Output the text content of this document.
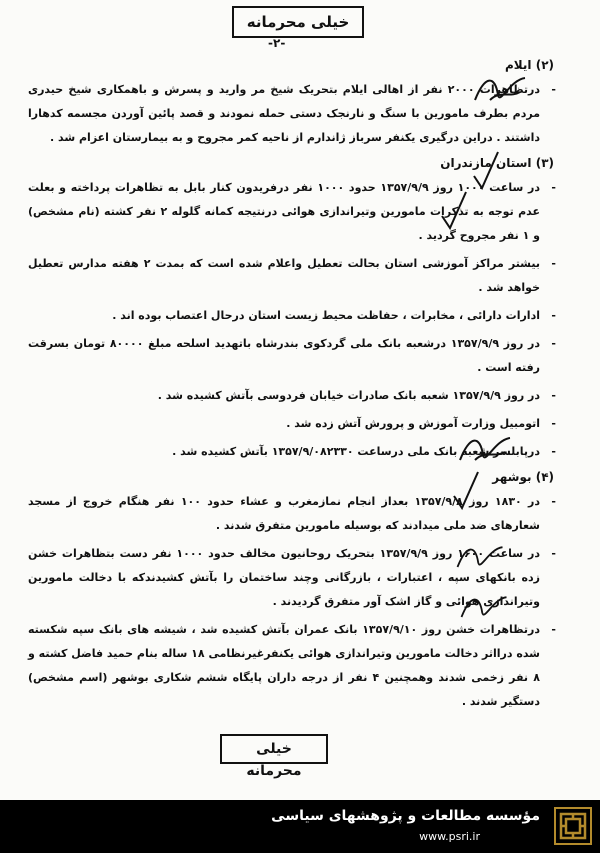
خیلی محرمانه
-۲-
(۲) ایلام
-
درتظاهرات ۲۰۰۰ نفر از اهالی ایلام بتحریک شیخ مر وارید و پسرش و باهمکاری شیخ حیدری مردم بطرف مامورین با سنگ و نارنجک دستی حمله نمودند و قصد پائین آوردن مجسمه کدهارا داشتند . دراین درگیری یکنفر سرباز ژاندارم از ناحیه کمر مجروح و به بیمارستان اعزام شد .
(۳) استان مازندران
-
در ساعت ۱۰۰۰ روز ۱۳۵۷/۹/۹ حدود ۱۰۰۰ نفر درفریدون کنار بابل به تظاهرات پرداخته و بعلت عدم توجه به تذکرات مامورین وتیراندازی هوائی درنتیجه کمانه گلوله ۲ نفر کشته (نام مشخص) و ۱ نفر مجروح گردید .
-
بیشتر مراکز آموزشی استان بحالت تعطیل واعلام شده است که بمدت ۲ هفته مدارس تعطیل خواهد شد .
-
ادارات دارائی ، مخابرات ، حفاظت محیط زیست استان درحال اعتصاب بوده اند .
-
در روز ۱۳۵۷/۹/۹ درشعبه بانک ملی گردکوی بندرشاه باتهدید اسلحه مبلغ ۸۰۰۰۰ تومان بسرقت رفته است .
-
در روز ۱۳۵۷/۹/۹ شعبه بانک صادرات خیابان فردوسی بآتش کشیده شد .
-
اتومبیل وزارت آموزش و پرورش آتش زده شد .
-
درپابلسر شعبه بانک ملی درساعت ۱۳۵۷/۹/۰۸۲۳۳۰ بآتش کشیده شد .
(۴) بوشهر
-
در ۱۸۳۰ روز ۱۳۵۷/۹/۸ بعداز انجام نمازمغرب و عشاء حدود ۱۰۰ نفر هنگام خروج از مسجد شعارهای ضد ملی میدادند که بوسیله مامورین متفرق شدند .
-
در ساعت ۱۶۰۰ روز ۱۳۵۷/۹/۹ بتحریک روحانیون مخالف حدود ۱۰۰۰ نفر دست بتظاهرات خشن زده بانکهای سپه ، اعتبارات ، بازرگانی وچند ساختمان را بآتش کشیدندکه با دخالت مامورین وتیراندازی هوائی و گاز اشک آور متفرق گردیدند .
-
درتظاهرات خشن روز ۱۳۵۷/۹/۱۰ بانک عمران بآتش کشیده شد ، شیشه های بانک سپه شکسته شده درااثر دخالت مامورین وتیراندازی هوائی یکنفرغیرنظامی ۱۸ ساله بنام حمید فاضل کشته و ۸ نفر زخمی شدند وهمچنین ۴ نفر از درجه داران پایگاه ششم شکاری بوشهر (اسم مشخص) دستگیر شدند .
خیلی محرمانه
مؤسسه مطالعات و پژوهشهای سیاسی
www.psri.ir
